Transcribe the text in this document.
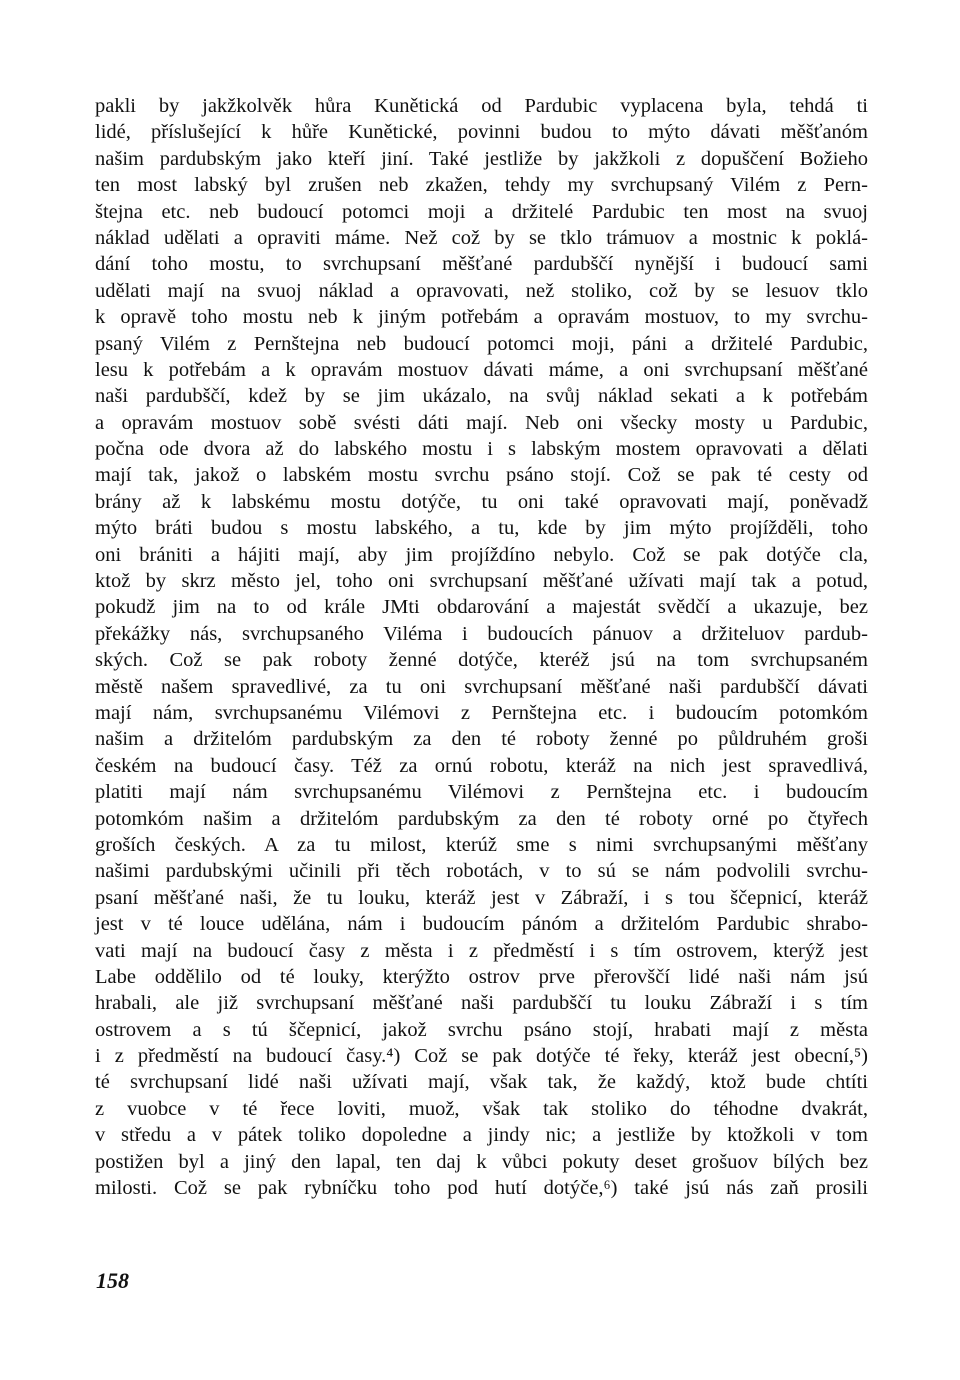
pakli by jakžkolvěk hůra Kunětická od Pardubic vyplacena byla, tehdá ti
lidé, příslušející k hůře Kunětické, povinni budou to mýto dávati měšťanóm
našim pardubským jako kteří jiní. Také jestliže by jakžkoli z dopuščení Božieho
ten most labský byl zrušen neb zkažen, tehdy my svrchupsaný Vilém z Pern-
štejna etc. neb budoucí potomci moji a držitelé Pardubic ten most na svuoj
náklad udělati a opraviti máme. Než což by se tklo trámuov a mostnic k poklá-
dání toho mostu, to svrchupsaní měšťané pardubščí nynější i budoucí sami
udělati mají na svuoj náklad a opravovati, než stoliko, což by se lesuov tklo
k opravě toho mostu neb k jiným potřebám a opravám mostuov, to my svrchu-
psaný Vilém z Pernštejna neb budoucí potomci moji, páni a držitelé Pardubic,
lesu k potřebám a k opravám mostuov dávati máme, a oni svrchupsaní měšťané
naši pardubščí, kdež by se jim ukázalo, na svůj náklad sekati a k potřebám
a opravám mostuov sobě svésti dáti mají. Neb oni všecky mosty u Pardubic,
počna ode dvora až do labského mostu i s labským mostem opravovati a dělati
mají tak, jakož o labském mostu svrchu psáno stojí. Což se pak té cesty od
brány až k labskému mostu dotýče, tu oni také opravovati mají, poněvadž
mýto bráti budou s mostu labského, a tu, kde by jim mýto projížděli, toho
oni brániti a hájiti mají, aby jim projíždíno nebylo. Což se pak dotýče cla,
ktož by skrz město jel, toho oni svrchupsaní měšťané užívati mají tak a potud,
pokudž jim na to od krále JMti obdarování a majestát svědčí a ukazuje, bez
překážky nás, svrchupsaného Viléma i budoucích pánuov a držiteluov pardub-
ských. Což se pak roboty ženné dotýče, kteréž jsú na tom svrchupsaném
městě našem spravedlivé, za tu oni svrchupsaní měšťané naši pardubščí dávati
mají nám, svrchupsanému Vilémovi z Pernštejna etc. i budoucím potomkóm
našim a držitelóm pardubským za den té roboty ženné po půldruhém groši
českém na budoucí časy. Též za ornú robotu, kteráž na nich jest spravedlivá,
platiti mají nám svrchupsanému Vilémovi z Pernštejna etc. i budoucím
potomkóm našim a držitelóm pardubským za den té roboty orné po čtyřech
groších českých. A za tu milost, kterúž sme s nimi svrchupsanými měšťany
našimi pardubskými učinili při těch robotách, v to sú se nám podvolili svrchu-
psaní měšťané naši, že tu louku, kteráž jest v Zábraží, i s tou ščepnicí, kteráž
jest v té louce udělána, nám i budoucím pánóm a držitelóm Pardubic shrabo-
vati mají na budoucí časy z města i z předměstí i s tím ostrovem, kterýž jest
Labe oddělilo od té louky, kterýžto ostrov prve přerovščí lidé naši nám jsú
hrabali, ale již svrchupsaní měšťané naši pardubščí tu louku Zábraží i s tím
ostrovem a s tú ščepnicí, jakož svrchu psáno stojí, hrabati mají z města
i z předměstí na budoucí časy.⁴) Což se pak dotýče té řeky, kteráž jest obecní,⁵)
té svrchupsaní lidé naši užívati mají, však tak, že každý, ktož bude chtíti
z vuobce v té řece loviti, muož, však tak stoliko do téhodne dvakrát,
v středu a v pátek toliko dopoledne a jindy nic; a jestliže by ktožkoli v tom
postižen byl a jiný den lapal, ten daj k vůbci pokuty deset grošuov bílých bez
milosti. Což se pak rybníčku toho pod hutí dotýče,⁶) také jsú nás zaň prosili
158
